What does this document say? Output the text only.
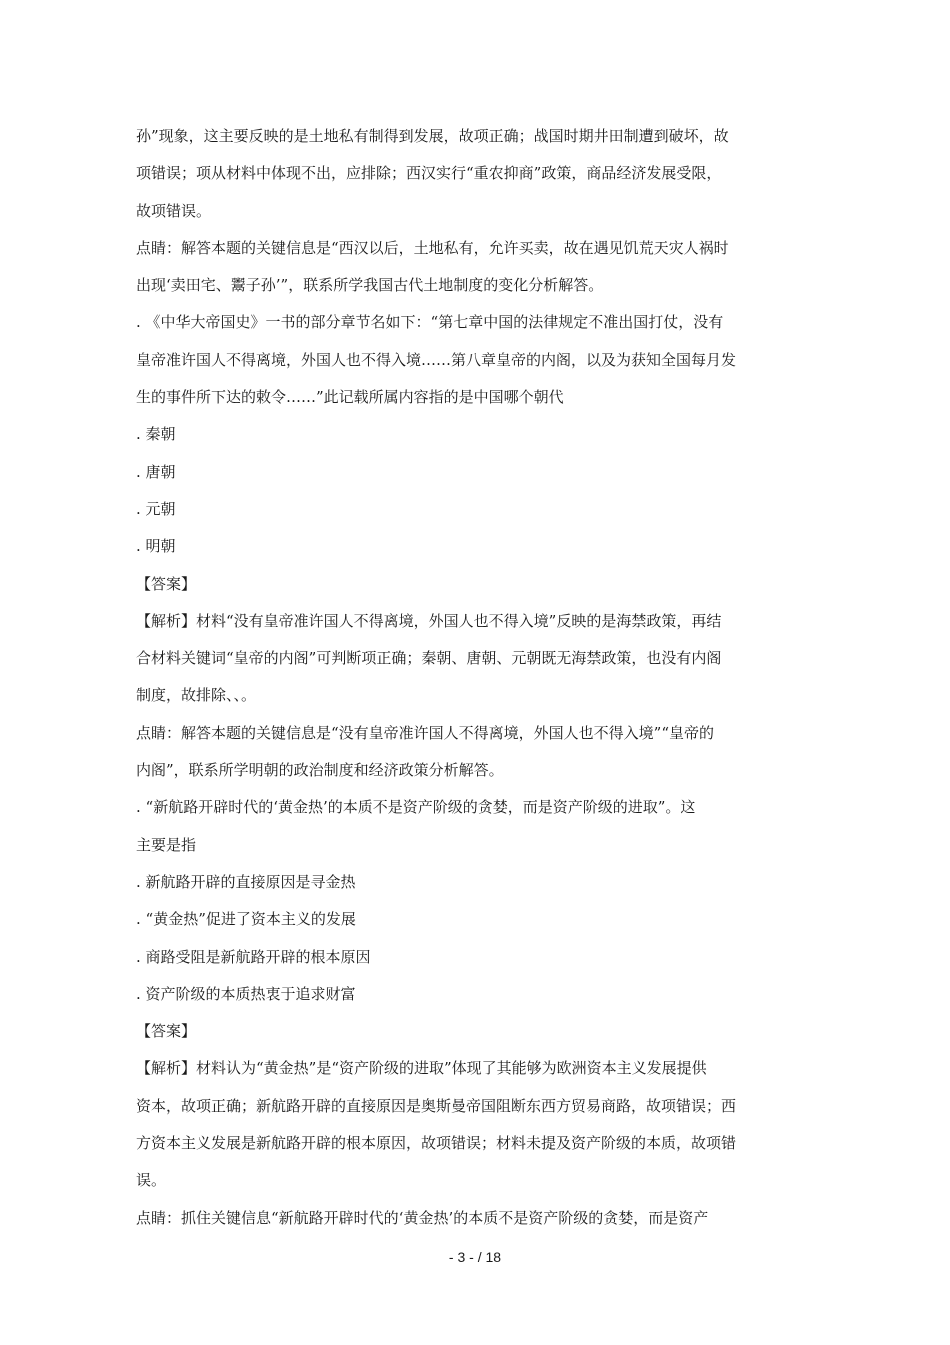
孙”现象，这主要反映的是土地私有制得到发展，故项正确；战国时期井田制遭到破坏，故
项错误；项从材料中体现不出，应排除；西汉实行“重农抑商”政策，商品经济发展受限，
故项错误。
点睛：解答本题的关键信息是“西汉以后，土地私有，允许买卖，故在遇见饥荒天灾人祸时
出现‘卖田宅、鬻子孙’”，联系所学我国古代土地制度的变化分析解答。
. 《中华大帝国史》一书的部分章节名如下：“第七章中国的法律规定不准出国打仗，没有
皇帝准许国人不得离境，外国人也不得入境……第八章皇帝的内阁，以及为获知全国每月发
生的事件所下达的敕令……”此记载所属内容指的是中国哪个朝代
. 秦朝
. 唐朝
. 元朝
. 明朝
【答案】
【解析】材料“没有皇帝准许国人不得离境，外国人也不得入境”反映的是海禁政策，再结
合材料关键词“皇帝的内阁”可判断项正确；秦朝、唐朝、元朝既无海禁政策，也没有内阁
制度，故排除、、。
点睛：解答本题的关键信息是“没有皇帝准许国人不得离境，外国人也不得入境”“皇帝的
内阁”，联系所学明朝的政治制度和经济政策分析解答。
. “新航路开辟时代的‘黄金热’的本质不是资产阶级的贪婪，而是资产阶级的进取”。这
主要是指
. 新航路开辟的直接原因是寻金热
. “黄金热”促进了资本主义的发展
. 商路受阻是新航路开辟的根本原因
. 资产阶级的本质热衷于追求财富
【答案】
【解析】材料认为“黄金热”是“资产阶级的进取”体现了其能够为欧洲资本主义发展提供
资本，故项正确；新航路开辟的直接原因是奥斯曼帝国阻断东西方贸易商路，故项错误；西
方资本主义发展是新航路开辟的根本原因，故项错误；材料未提及资产阶级的本质，故项错
误。
点睛：抓住关键信息“新航路开辟时代的‘黄金热’的本质不是资产阶级的贪婪，而是资产
- 3 - / 18
